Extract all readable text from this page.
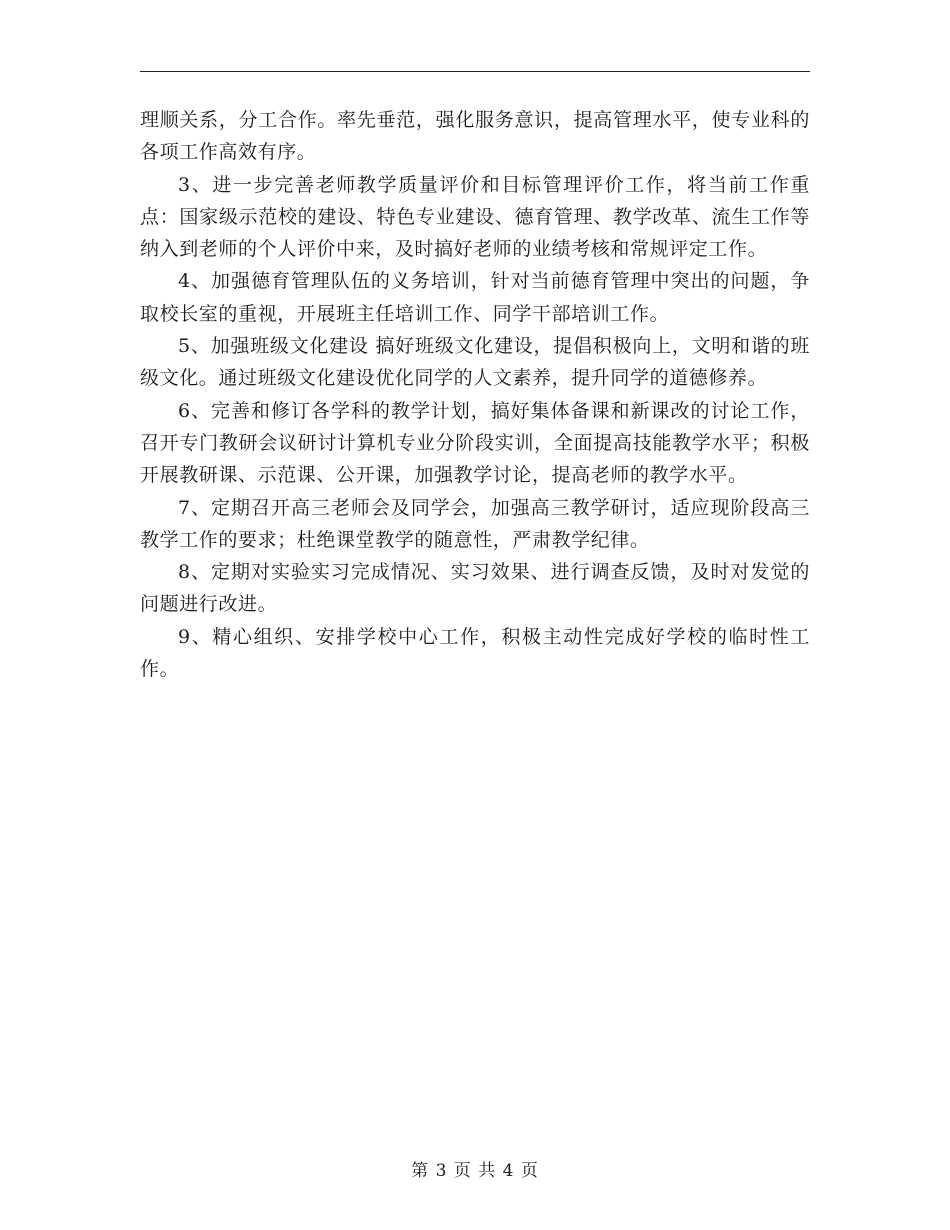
理顺关系，分工合作。率先垂范，强化服务意识，提高管理水平，使专业科的各项工作高效有序。

3、进一步完善老师教学质量评价和目标管理评价工作，将当前工作重点：国家级示范校的建设、特色专业建设、德育管理、教学改革、流生工作等纳入到老师的个人评价中来，及时搞好老师的业绩考核和常规评定工作。

4、加强德育管理队伍的义务培训，针对当前德育管理中突出的问题，争取校长室的重视，开展班主任培训工作、同学干部培训工作。

5、加强班级文化建设 搞好班级文化建设，提倡积极向上，文明和谐的班级文化。通过班级文化建设优化同学的人文素养，提升同学的道德修养。

6、完善和修订各学科的教学计划，搞好集体备课和新课改的讨论工作，召开专门教研会议研讨计算机专业分阶段实训，全面提高技能教学水平；积极开展教研课、示范课、公开课，加强教学讨论，提高老师的教学水平。

7、定期召开高三老师会及同学会，加强高三教学研讨，适应现阶段高三教学工作的要求；杜绝课堂教学的随意性，严肃教学纪律。

8、定期对实验实习完成情况、实习效果、进行调查反馈，及时对发觉的问题进行改进。

9、精心组织、安排学校中心工作，积极主动性完成好学校的临时性工作。

第 3 页 共 4 页
